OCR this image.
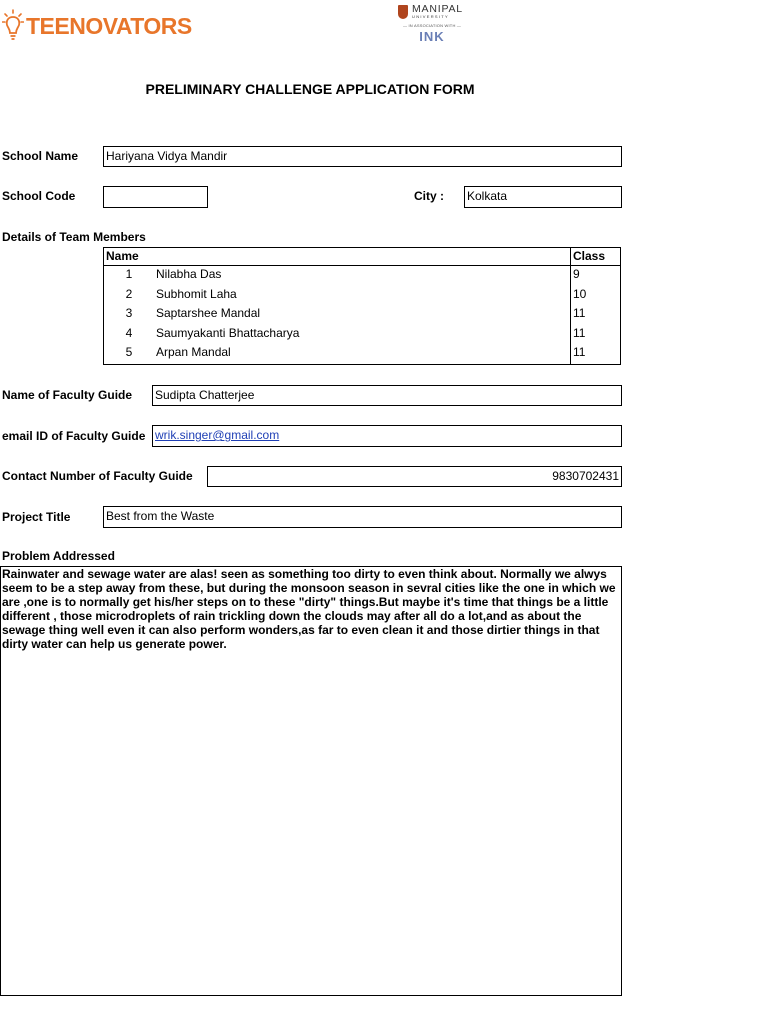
TEENOVATORS
MANIPAL
UNIVERSITY
— IN ASSOCIATION WITH —
INK
PRELIMINARY CHALLENGE APPLICATION FORM
School Name Hariyana Vidya Mandir
School Code	City : Kolkata
Details of Team Members
Name	Class
1 Nilabha Das	9
2 Subhomit Laha	10
3 Saptarshee Mandal	11
4 Saumyakanti Bhattacharya	11
5 Arpan Mandal	11
Name of Faculty Guide Sudipta Chatterjee
email ID of Faculty Guide wrik.singer@gmail.com
Contact Number of Faculty Guide	9830702431
Project Title	Best from the Waste
Problem Addressed
Rainwater and sewage water are alas! seen as something too dirty to even think about. Normally we alwys seem to be a step away from these, but during the monsoon season in sevral cities like the one in which we are ,one is to normally get his/her steps on to these "dirty" things.But maybe it's time that things be a little different , those microdroplets of rain trickling down the clouds may after all do a lot,and as about the sewage thing well even it can also perform wonders,as far to even clean it and those dirtier things in that dirty water can help us generate power.
